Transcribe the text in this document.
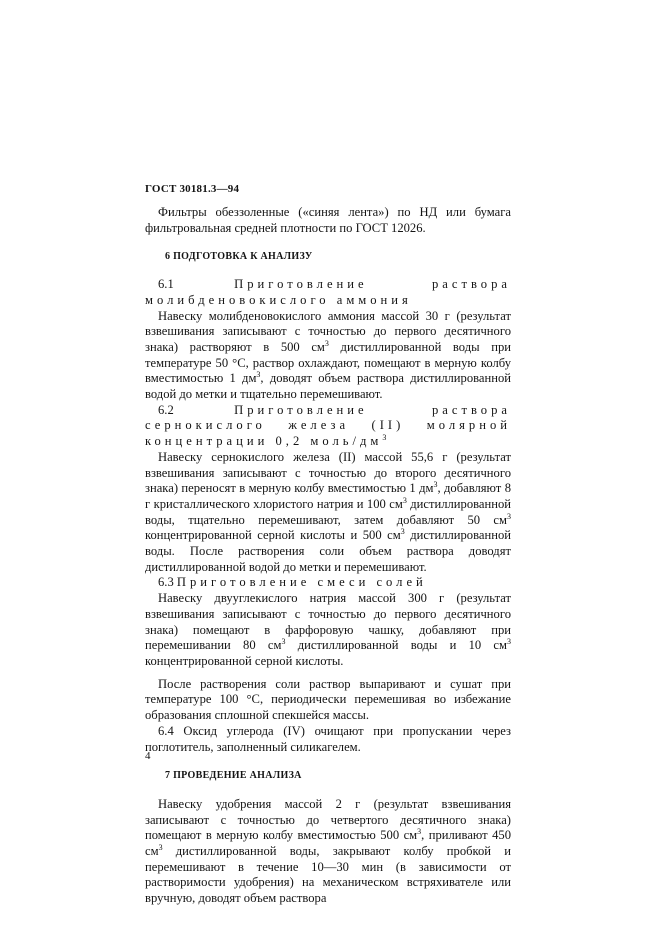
ГОСТ 30181.3—94

Фильтры обеззоленные («синяя лента») по НД или бумага фильтровальная средней плотности по ГОСТ 12026.

6 ПОДГОТОВКА К АНАЛИЗУ

6.1	Приготовление раствора молибденовокислого аммония

Навеску молибденовокислого аммония массой 30 г (результат взвешивания записывают с точностью до первого десятичного знака) растворяют в 500 $см^3$ дистиллированной воды при температуре 50 °С, раствор охлаждают, помещают в мерную колбу вместимостью 1 $дм^3$, доводят объем раствора дистиллированной водой до метки и тщательно перемешивают.

6.2	Приготовление раствора сернокислого железа (II) молярной концентрации 0,2 моль/$дм^3$

Навеску сернокислого железа (II) массой 55,6 г (результат взвешивания записывают с точностью до второго десятичного знака) переносят в мерную колбу вместимостью 1 $дм^3$, добавляют 8 г кристаллического хлористого натрия и 100 $см^3$ дистиллированной воды, тщательно перемешивают, затем добавляют 50 $см^3$ концентрированной серной кислоты и 500 $см^3$ дистиллированной воды. После растворения соли объем раствора доводят дистиллированной водой до метки и перемешивают.

6.3 Приготовление смеси солей

Навеску двууглекислого натрия массой 300 г (результат взвешивания записывают с точностью до первого десятичного знака) помещают в фарфоровую чашку, добавляют при перемешивании 80 $см^3$ дистиллированной воды и 10 $см^3$ концентрированной серной кислоты.

После растворения соли раствор выпаривают и сушат при температуре 100 °С, периодически перемешивая во избежание образования сплошной спекшейся массы.

6.4 Оксид углерода (IV) очищают при пропускании через поглотитель, заполненный силикагелем.

7 ПРОВЕДЕНИЕ АНАЛИЗА

Навеску удобрения массой 2 г (результат взвешивания записывают с точностью до четвертого десятичного знака) помещают в мерную колбу вместимостью 500 $см^3$, приливают 450 $см^3$ дистиллированной воды, закрывают колбу пробкой и перемешивают в течение 10—30 мин (в зависимости от растворимости удобрения) на механическом встряхивателе или вручную, доводят объем раствора

4
